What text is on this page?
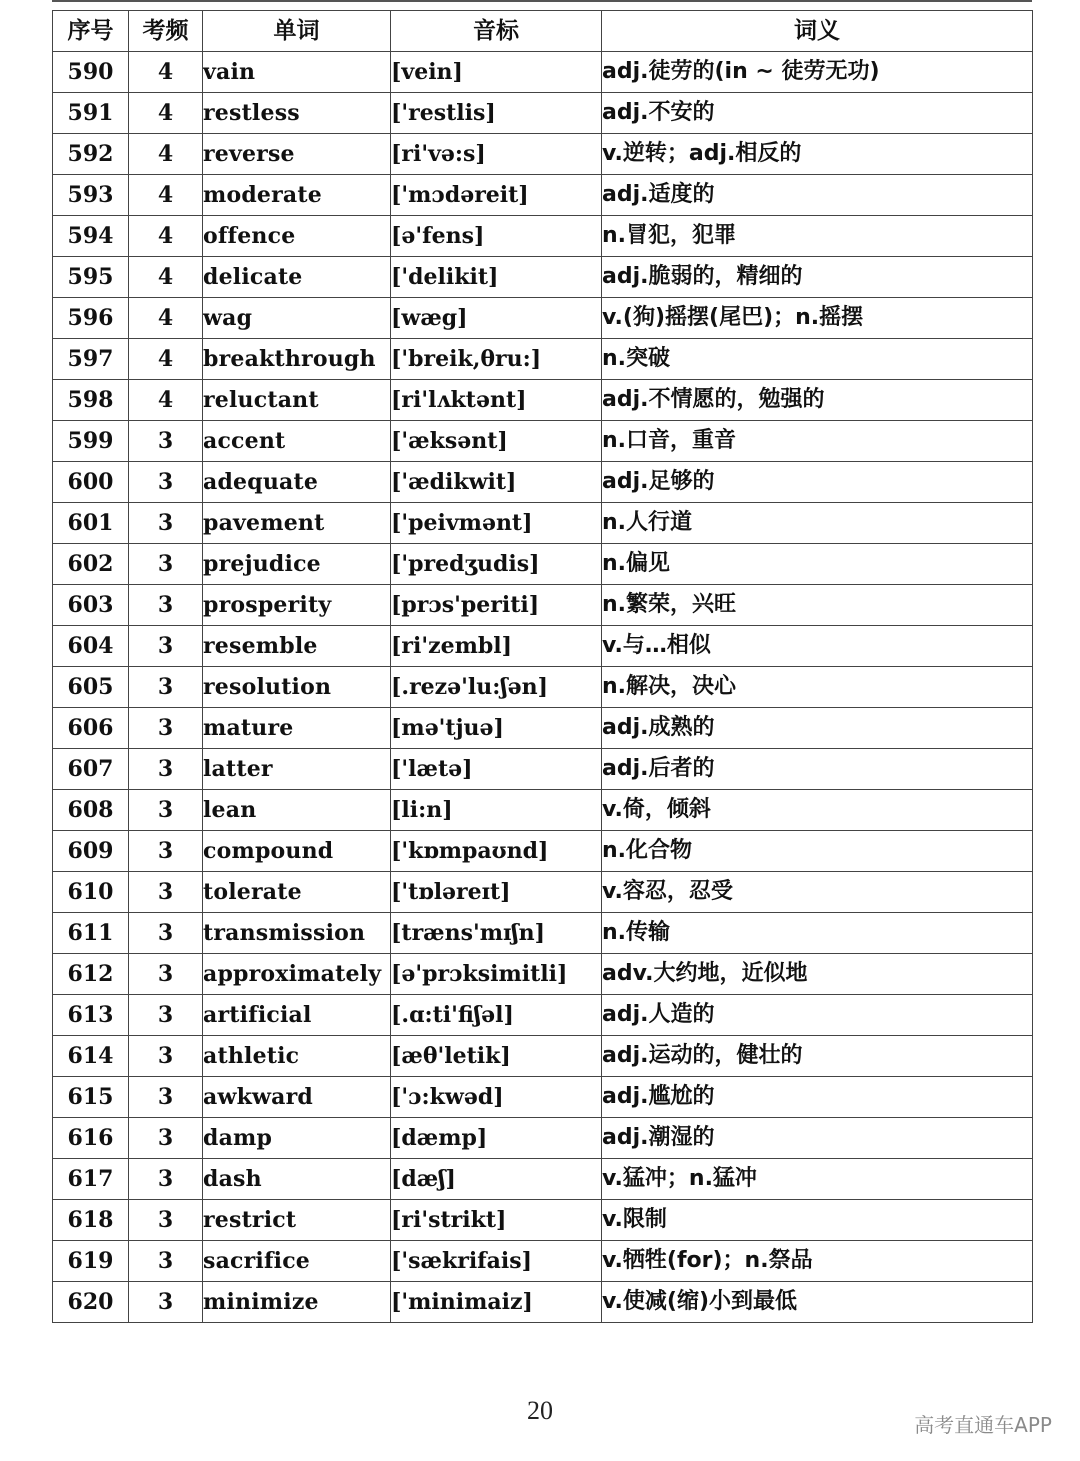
序号	考频	单词	音标	词义
590	4	vain	[vein]	adj.徒劳的(in ~ 徒劳无功)
591	4	restless	['restlis]	adj.不安的
592	4	reverse	[ri'və:s]	v.逆转；adj.相反的
593	4	moderate	['mɔdəreit]	adj.适度的
594	4	offence	[ə'fens]	n.冒犯，犯罪
595	4	delicate	['delikit]	adj.脆弱的，精细的
596	4	wag	[wæg]	v.(狗)摇摆(尾巴)；n.摇摆
597	4	breakthrough	['breik,θru:]	n.突破
598	4	reluctant	[ri'lʌktənt]	adj.不情愿的，勉强的
599	3	accent	['æksənt]	n.口音，重音
600	3	adequate	['ædikwit]	adj.足够的
601	3	pavement	['peivmənt]	n.人行道
602	3	prejudice	['predʒudis]	n.偏见
603	3	prosperity	[prɔs'periti]	n.繁荣，兴旺
604	3	resemble	[ri'zembl]	v.与…相似
605	3	resolution	[.rezə'lu:ʃən]	n.解决，决心
606	3	mature	[mə'tjuə]	adj.成熟的
607	3	latter	['lætə]	adj.后者的
608	3	lean	[li:n]	v.倚，倾斜
609	3	compound	['kɒmpaʊnd]	n.化合物
610	3	tolerate	['tɒləreɪt]	v.容忍，忍受
611	3	transmission	[træns'mɪʃn]	n.传输
612	3	approximately	[ə'prɔksimitli]	adv.大约地，近似地
613	3	artificial	[.ɑ:ti'fiʃəl]	adj.人造的
614	3	athletic	[æθ'letik]	adj.运动的，健壮的
615	3	awkward	['ɔ:kwəd]	adj.尴尬的
616	3	damp	[dæmp]	adj.潮湿的
617	3	dash	[dæʃ]	v.猛冲；n.猛冲
618	3	restrict	[ri'strikt]	v.限制
619	3	sacrifice	['sækrifais]	v.牺牲(for)；n.祭品
620	3	minimize	['minimaiz]	v.使减(缩)小到最低
20	高考直通车APP
